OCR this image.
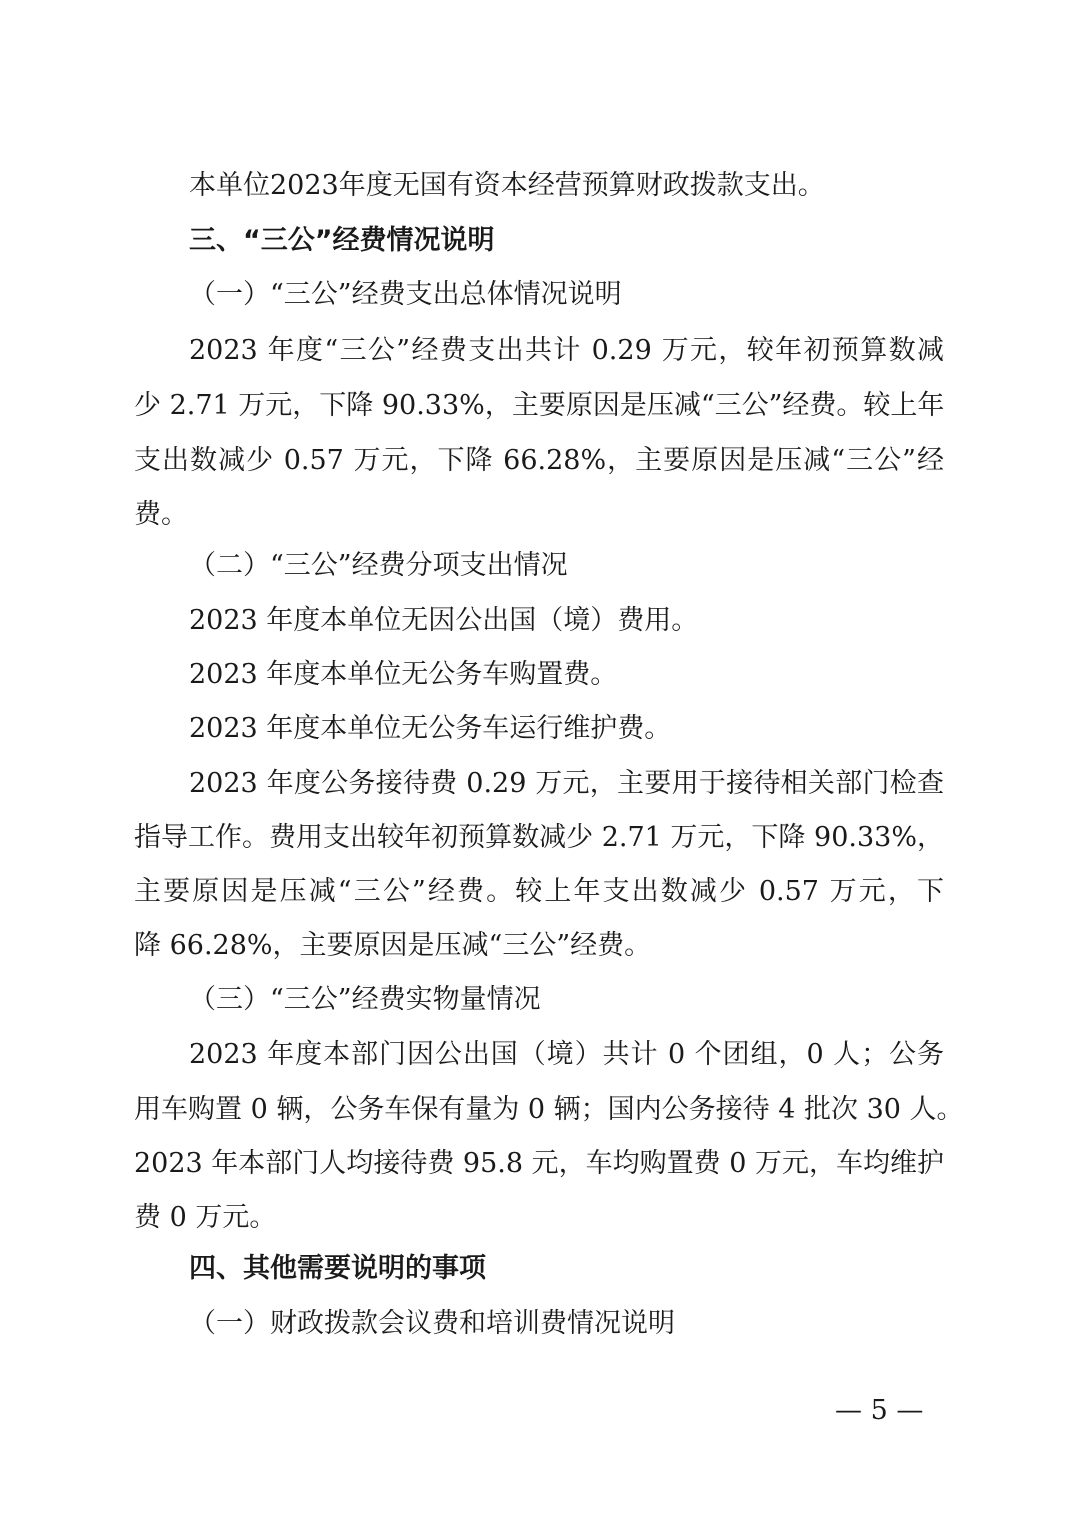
本单位2023年度无国有资本经营预算财政拨款支出。
三、“三公”经费情况说明
（一）“三公”经费支出总体情况说明
2023 年度“三公”经费支出共计 0.29 万元，较年初预算数减
少 2.71 万元，下降 90.33%，主要原因是压减“三公”经费。较上年
支出数减少 0.57 万元，下降 66.28%，主要原因是压减“三公”经
费。
（二）“三公”经费分项支出情况
2023 年度本单位无因公出国（境）费用。
2023 年度本单位无公务车购置费。
2023 年度本单位无公务车运行维护费。
2023 年度公务接待费 0.29 万元，主要用于接待相关部门检查
指导工作。费用支出较年初预算数减少 2.71 万元，下降 90.33%，
主要原因是压减“三公”经费。较上年支出数减少 0.57 万元，下
降 66.28%，主要原因是压减“三公”经费。
（三）“三公”经费实物量情况
2023 年度本部门因公出国（境）共计 0 个团组，0 人；公务
用车购置 0 辆，公务车保有量为 0 辆；国内公务接待 4 批次 30 人。
2023 年本部门人均接待费 95.8 元，车均购置费 0 万元，车均维护
费 0 万元。
四、其他需要说明的事项
（一）财政拨款会议费和培训费情况说明
— 5 —
